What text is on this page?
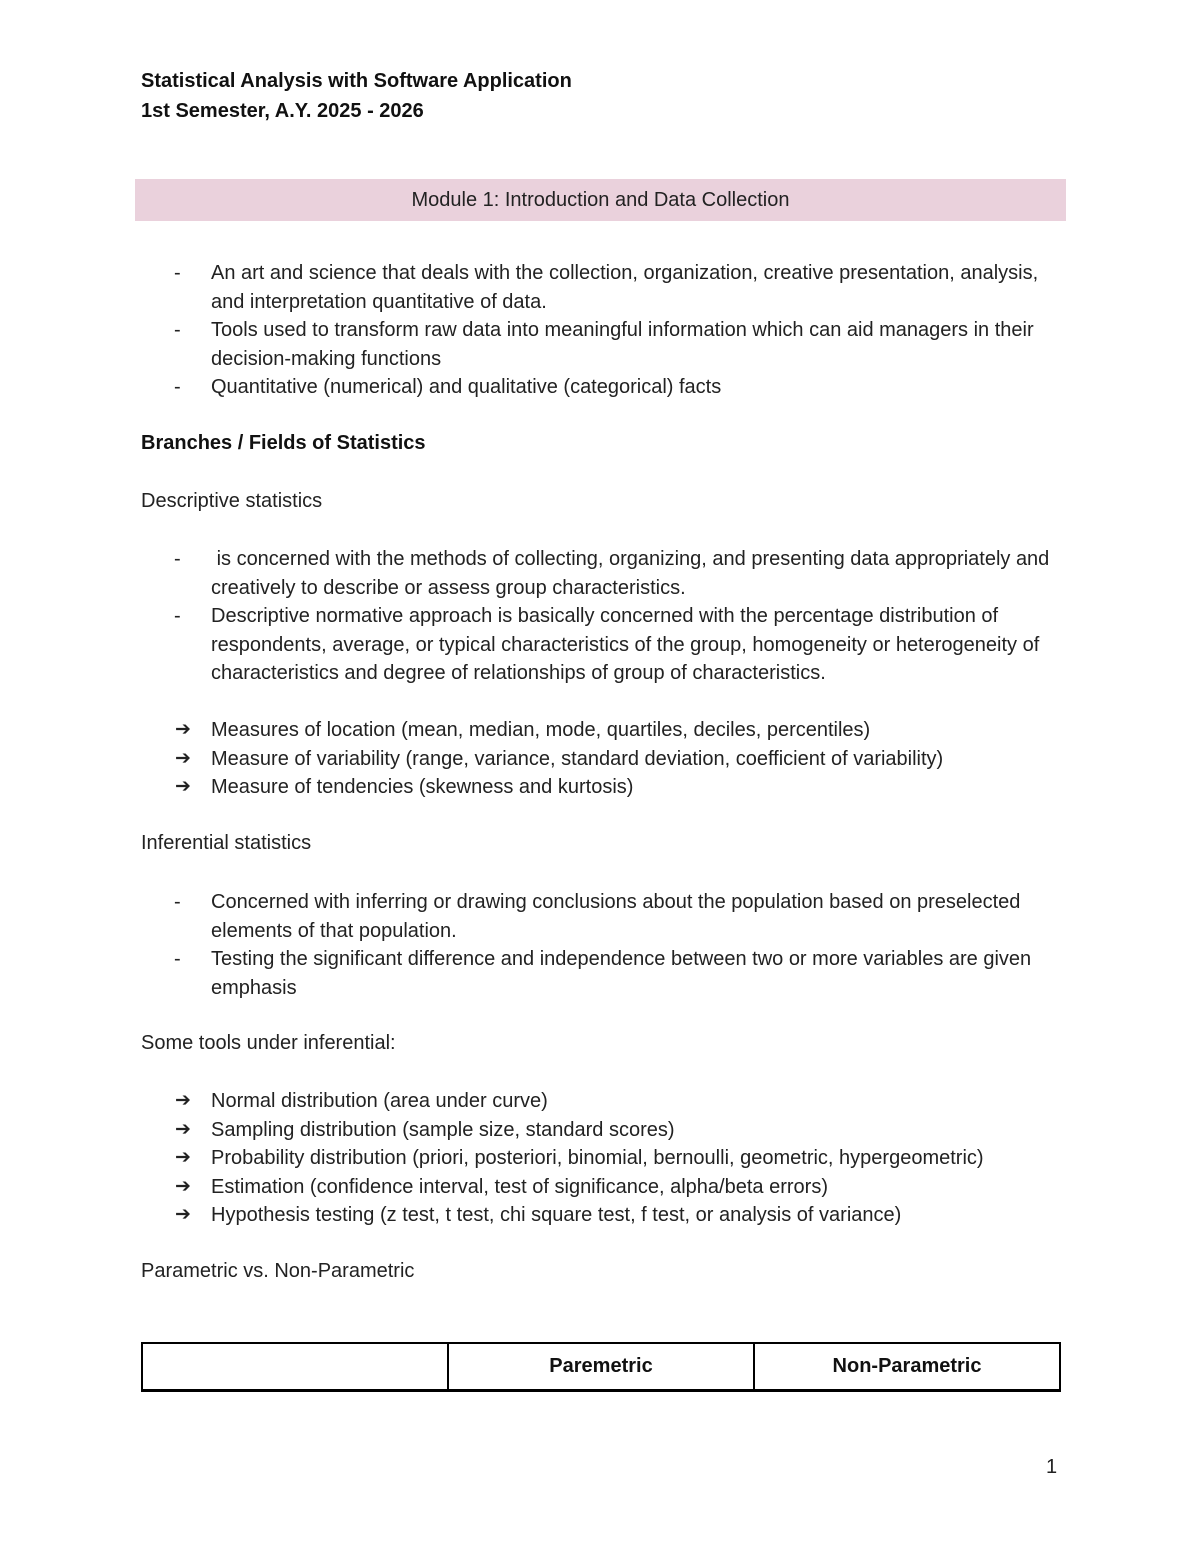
Statistical Analysis with Software Application

1st Semester, A.Y. 2025 - 2026

Module 1: Introduction and Data Collection
- An art and science that deals with the collection, organization, creative presentation, analysis, and interpretation quantitative of data.
- Tools used to transform raw data into meaningful information which can aid managers in their decision-making functions
- Quantitative (numerical) and qualitative (categorical) facts

Branches / Fields of Statistics

Descriptive statistics

- is concerned with the methods of collecting, organizing, and presenting data appropriately and creatively to describe or assess group characteristics.
- Descriptive normative approach is basically concerned with the percentage distribution of respondents, average, or typical characteristics of the group, homogeneity or heterogeneity of characteristics and degree of relationships of group of characteristics.
➔ Measures of location (mean, median, mode, quartiles, deciles, percentiles)
➔ Measure of variability (range, variance, standard deviation, coefficient of variability)
➔ Measure of tendencies (skewness and kurtosis)

Inferential statistics

- Concerned with inferring or drawing conclusions about the population based on preselected elements of that population.
- Testing the significant difference and independence between two or more variables are given emphasis

Some tools under inferential:

➔ Normal distribution (area under curve)
➔ Sampling distribution (sample size, standard scores)
➔ Probability distribution (priori, posteriori, binomial, bernoulli, geometric, hypergeometric)
➔ Estimation (confidence interval, test of significance, alpha/beta errors)
➔ Hypothesis testing (z test, t test, chi square test, f test, or analysis of variance)

Parametric vs. Non-Parametric

	Paremetric	Non-Parametric

1
